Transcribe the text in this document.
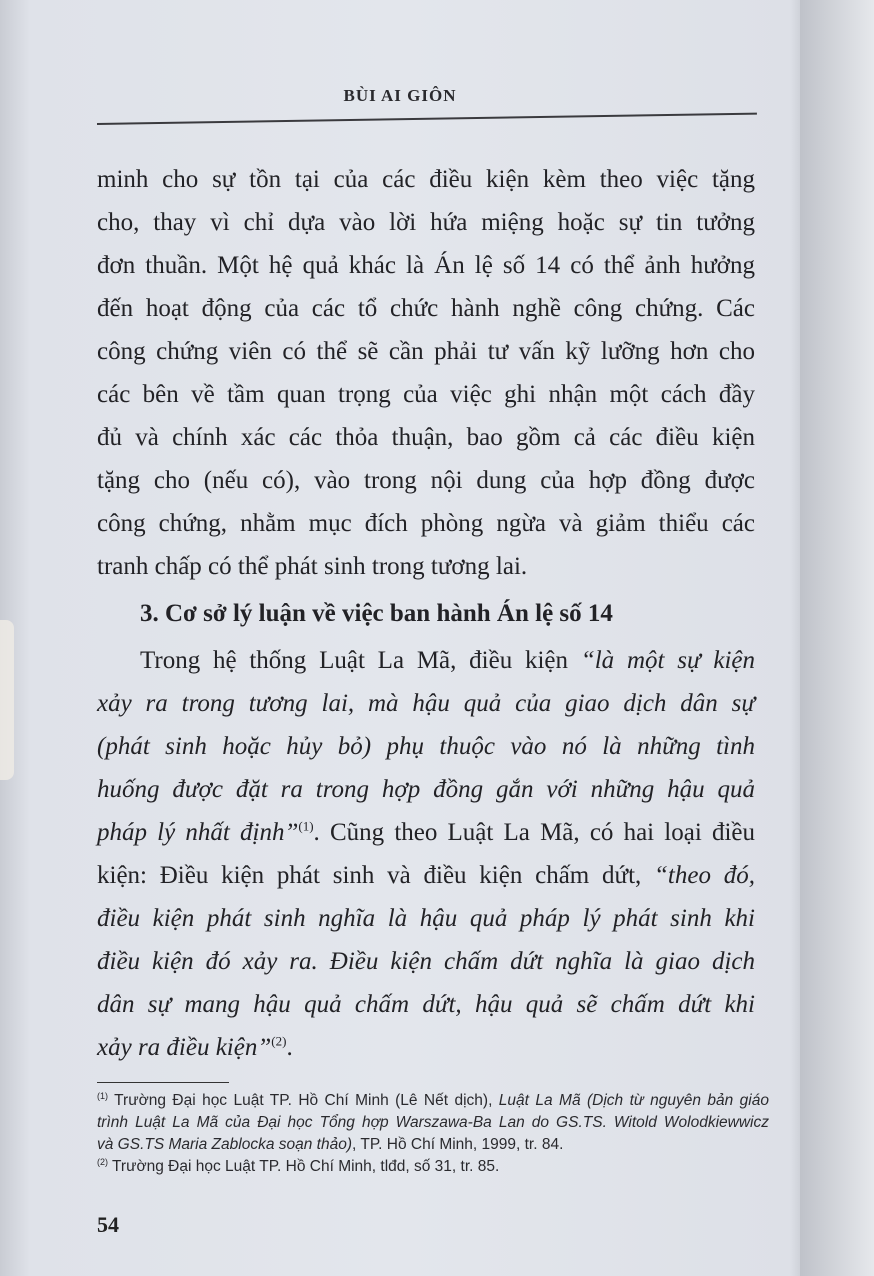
BÙI AI GIÔN
minh cho sự tồn tại của các điều kiện kèm theo việc tặng
cho, thay vì chỉ dựa vào lời hứa miệng hoặc sự tin tưởng
đơn thuần. Một hệ quả khác là Án lệ số 14 có thể ảnh hưởng
đến hoạt động của các tổ chức hành nghề công chứng. Các
công chứng viên có thể sẽ cần phải tư vấn kỹ lưỡng hơn cho
các bên về tầm quan trọng của việc ghi nhận một cách đầy
đủ và chính xác các thỏa thuận, bao gồm cả các điều kiện
tặng cho (nếu có), vào trong nội dung của hợp đồng được
công chứng, nhằm mục đích phòng ngừa và giảm thiểu các
tranh chấp có thể phát sinh trong tương lai.
3. Cơ sở lý luận về việc ban hành Án lệ số 14
Trong hệ thống Luật La Mã, điều kiện “là một sự kiện
xảy ra trong tương lai, mà hậu quả của giao dịch dân sự
(phát sinh hoặc hủy bỏ) phụ thuộc vào nó là những tình
huống được đặt ra trong hợp đồng gắn với những hậu quả
pháp lý nhất định”$^{(1)}$. Cũng theo Luật La Mã, có hai loại điều
kiện: Điều kiện phát sinh và điều kiện chấm dứt, “theo đó,
điều kiện phát sinh nghĩa là hậu quả pháp lý phát sinh khi
điều kiện đó xảy ra. Điều kiện chấm dứt nghĩa là giao dịch
dân sự mang hậu quả chấm dứt, hậu quả sẽ chấm dứt khi
xảy ra điều kiện”$^{(2)}$.
$^{(1)}$ Trường Đại học Luật TP. Hồ Chí Minh (Lê Nết dịch), Luật La Mã (Dịch từ nguyên bản giáo
trình Luật La Mã của Đại học Tổng hợp Warszawa-Ba Lan do GS.TS. Witold Wolodkiewwicz
và GS.TS Maria Zablocka soạn thảo), TP. Hồ Chí Minh, 1999, tr. 84.
$^{(2)}$ Trường Đại học Luật TP. Hồ Chí Minh, tlđd, số 31, tr. 85.
54
